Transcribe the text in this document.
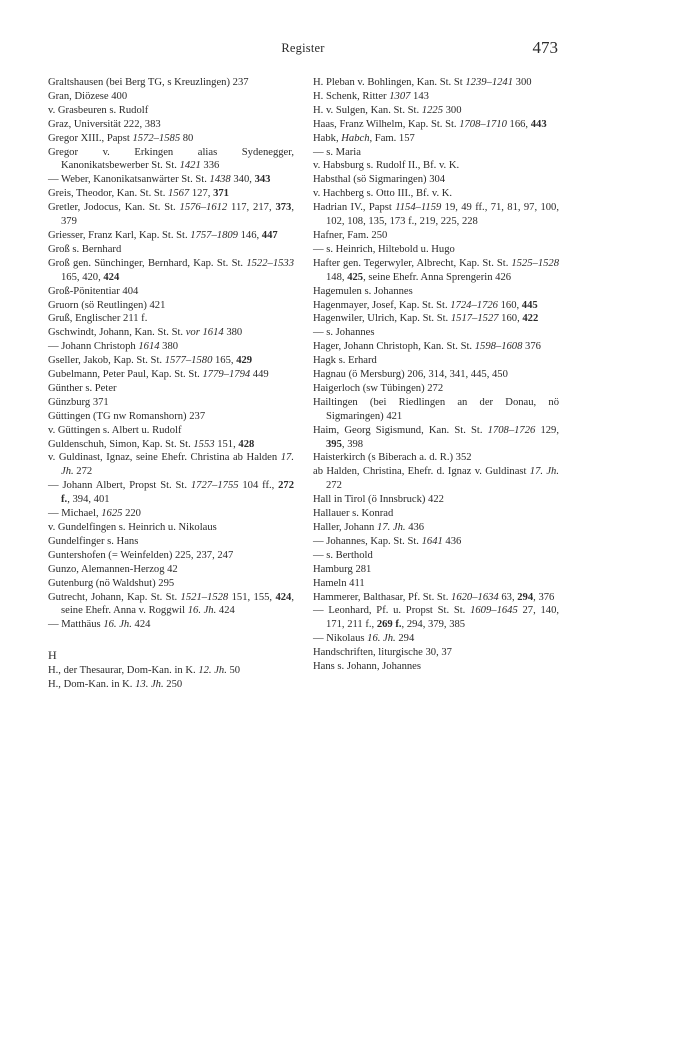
Register	473
Graltshausen (bei Berg TG, s Kreuzlingen) 237
Gran, Diözese 400
v. Grasbeuren s. Rudolf
Graz, Universität 222, 383
Gregor XIII., Papst 1572–1585 80
Gregor v. Erkingen alias Sydenegger, Kanonikatsbewerber St. St. 1421 336
— Weber, Kanonikatsanwärter St. St. 1438 340, 343
Greis, Theodor, Kan. St. St. 1567 127, 371
Gretler, Jodocus, Kan. St. St. 1576–1612 117, 217, 373, 379
Griesser, Franz Karl, Kap. St. St. 1757–1809 146, 447
Groß s. Bernhard
Groß gen. Sünchinger, Bernhard, Kap. St. St. 1522–1533 165, 420, 424
Groß-Pönitentiar 404
Gruorn (sö Reutlingen) 421
Gruß, Englischer 211 f.
Gschwindt, Johann, Kan. St. St. vor 1614 380
— Johann Christoph 1614 380
Gseller, Jakob, Kap. St. St. 1577–1580 165, 429
Gubelmann, Peter Paul, Kap. St. St. 1779–1794 449
Günther s. Peter
Günzburg 371
Güttingen (TG nw Romanshorn) 237
v. Güttingen s. Albert u. Rudolf
Guldenschuh, Simon, Kap. St. St. 1553 151, 428
v. Guldinast, Ignaz, seine Ehefr. Christina ab Halden 17. Jh. 272
— Johann Albert, Propst St. St. 1727–1755 104 ff., 272 f., 394, 401
— Michael, 1625 220
v. Gundelfingen s. Heinrich u. Nikolaus
Gundelfinger s. Hans
Guntershofen (= Weinfelden) 225, 237, 247
Gunzo, Alemannen-Herzog 42
Gutenburg (nö Waldshut) 295
Gutrecht, Johann, Kap. St. St. 1521–1528 151, 155, 424, seine Ehefr. Anna v. Roggwil 16. Jh. 424
— Matthäus 16. Jh. 424
H
H., der Thesaurar, Dom-Kan. in K. 12. Jh. 50
H., Dom-Kan. in K. 13. Jh. 250
H. Pleban v. Bohlingen, Kan. St. St 1239–1241 300
H. Schenk, Ritter 1307 143
H. v. Sulgen, Kan. St. St. 1225 300
Haas, Franz Wilhelm, Kap. St. St. 1708–1710 166, 443
Habk, Habch, Fam. 157
— s. Maria
v. Habsburg s. Rudolf II., Bf. v. K.
Habsthal (sö Sigmaringen) 304
v. Hachberg s. Otto III., Bf. v. K.
Hadrian IV., Papst 1154–1159 19, 49 ff., 71, 81, 97, 100, 102, 108, 135, 173 f., 219, 225, 228
Hafner, Fam. 250
— s. Heinrich, Hiltebold u. Hugo
Hafter gen. Tegerwyler, Albrecht, Kap. St. St. 1525–1528 148, 425, seine Ehefr. Anna Sprengerin 426
Hagemulen s. Johannes
Hagenmayer, Josef, Kap. St. St. 1724–1726 160, 445
Hagenwiler, Ulrich, Kap. St. St. 1517–1527 160, 422
— s. Johannes
Hager, Johann Christoph, Kan. St. St. 1598–1608 376
Hagk s. Erhard
Hagnau (ö Mersburg) 206, 314, 341, 445, 450
Haigerloch (sw Tübingen) 272
Hailtingen (bei Riedlingen an der Donau, nö Sigmaringen) 421
Haim, Georg Sigismund, Kan. St. St. 1708–1726 129, 395, 398
Haisterkirch (s Biberach a. d. R.) 352
ab Halden, Christina, Ehefr. d. Ignaz v. Guldinast 17. Jh. 272
Hall in Tirol (ö Innsbruck) 422
Hallauer s. Konrad
Haller, Johann 17. Jh. 436
— Johannes, Kap. St. St. 1641 436
— s. Berthold
Hamburg 281
Hameln 411
Hammerer, Balthasar, Pf. St. St. 1620–1634 63, 294, 376
— Leonhard, Pf. u. Propst St. St. 1609–1645 27, 140, 171, 211 f., 269 f., 294, 379, 385
— Nikolaus 16. Jh. 294
Handschriften, liturgische 30, 37
Hans s. Johann, Johannes
